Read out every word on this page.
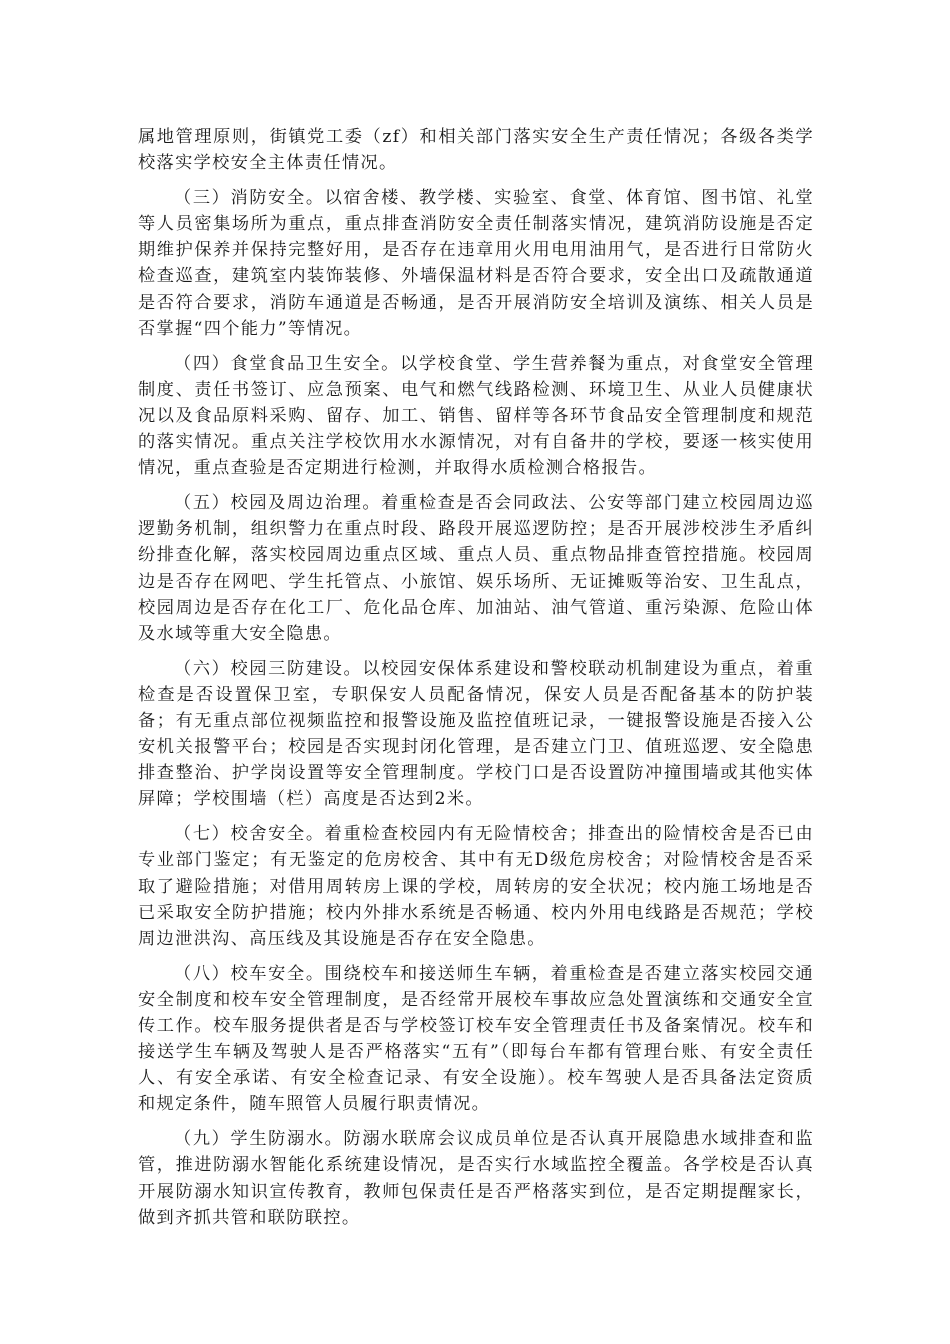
属地管理原则，街镇党工委（zf）和相关部门落实安全生产责任情况；各级各类学校落实学校安全主体责任情况。

（三）消防安全。以宿舍楼、教学楼、实验室、食堂、体育馆、图书馆、礼堂等人员密集场所为重点，重点排查消防安全责任制落实情况，建筑消防设施是否定期维护保养并保持完整好用，是否存在违章用火用电用油用气，是否进行日常防火检查巡查，建筑室内装饰装修、外墙保温材料是否符合要求，安全出口及疏散通道是否符合要求，消防车通道是否畅通，是否开展消防安全培训及演练、相关人员是否掌握“四个能力”等情况。

（四）食堂食品卫生安全。以学校食堂、学生营养餐为重点，对食堂安全管理制度、责任书签订、应急预案、电气和燃气线路检测、环境卫生、从业人员健康状况以及食品原料采购、留存、加工、销售、留样等各环节食品安全管理制度和规范的落实情况。重点关注学校饮用水水源情况，对有自备井的学校，要逐一核实使用情况，重点查验是否定期进行检测，并取得水质检测合格报告。

（五）校园及周边治理。着重检查是否会同政法、公安等部门建立校园周边巡逻勤务机制，组织警力在重点时段、路段开展巡逻防控；是否开展涉校涉生矛盾纠纷排查化解，落实校园周边重点区域、重点人员、重点物品排查管控措施。校园周边是否存在网吧、学生托管点、小旅馆、娱乐场所、无证摊贩等治安、卫生乱点，校园周边是否存在化工厂、危化品仓库、加油站、油气管道、重污染源、危险山体及水域等重大安全隐患。

（六）校园三防建设。以校园安保体系建设和警校联动机制建设为重点，着重检查是否设置保卫室，专职保安人员配备情况，保安人员是否配备基本的防护装备；有无重点部位视频监控和报警设施及监控值班记录，一键报警设施是否接入公安机关报警平台；校园是否实现封闭化管理，是否建立门卫、值班巡逻、安全隐患排查整治、护学岗设置等安全管理制度。学校门口是否设置防冲撞围墙或其他实体屏障；学校围墙（栏）高度是否达到2米。

（七）校舍安全。着重检查校园内有无险情校舍；排查出的险情校舍是否已由专业部门鉴定；有无鉴定的危房校舍、其中有无D级危房校舍；对险情校舍是否采取了避险措施；对借用周转房上课的学校，周转房的安全状况；校内施工场地是否已采取安全防护措施；校内外排水系统是否畅通、校内外用电线路是否规范；学校周边泄洪沟、高压线及其设施是否存在安全隐患。

（八）校车安全。围绕校车和接送师生车辆，着重检查是否建立落实校园交通安全制度和校车安全管理制度，是否经常开展校车事故应急处置演练和交通安全宣传工作。校车服务提供者是否与学校签订校车安全管理责任书及备案情况。校车和接送学生车辆及驾驶人是否严格落实“五有”（即每台车都有管理台账、有安全责任人、有安全承诺、有安全检查记录、有安全设施）。校车驾驶人是否具备法定资质和规定条件，随车照管人员履行职责情况。

（九）学生防溺水。防溺水联席会议成员单位是否认真开展隐患水域排查和监管，推进防溺水智能化系统建设情况，是否实行水域监控全覆盖。各学校是否认真开展防溺水知识宣传教育，教师包保责任是否严格落实到位，是否定期提醒家长，做到齐抓共管和联防联控。
